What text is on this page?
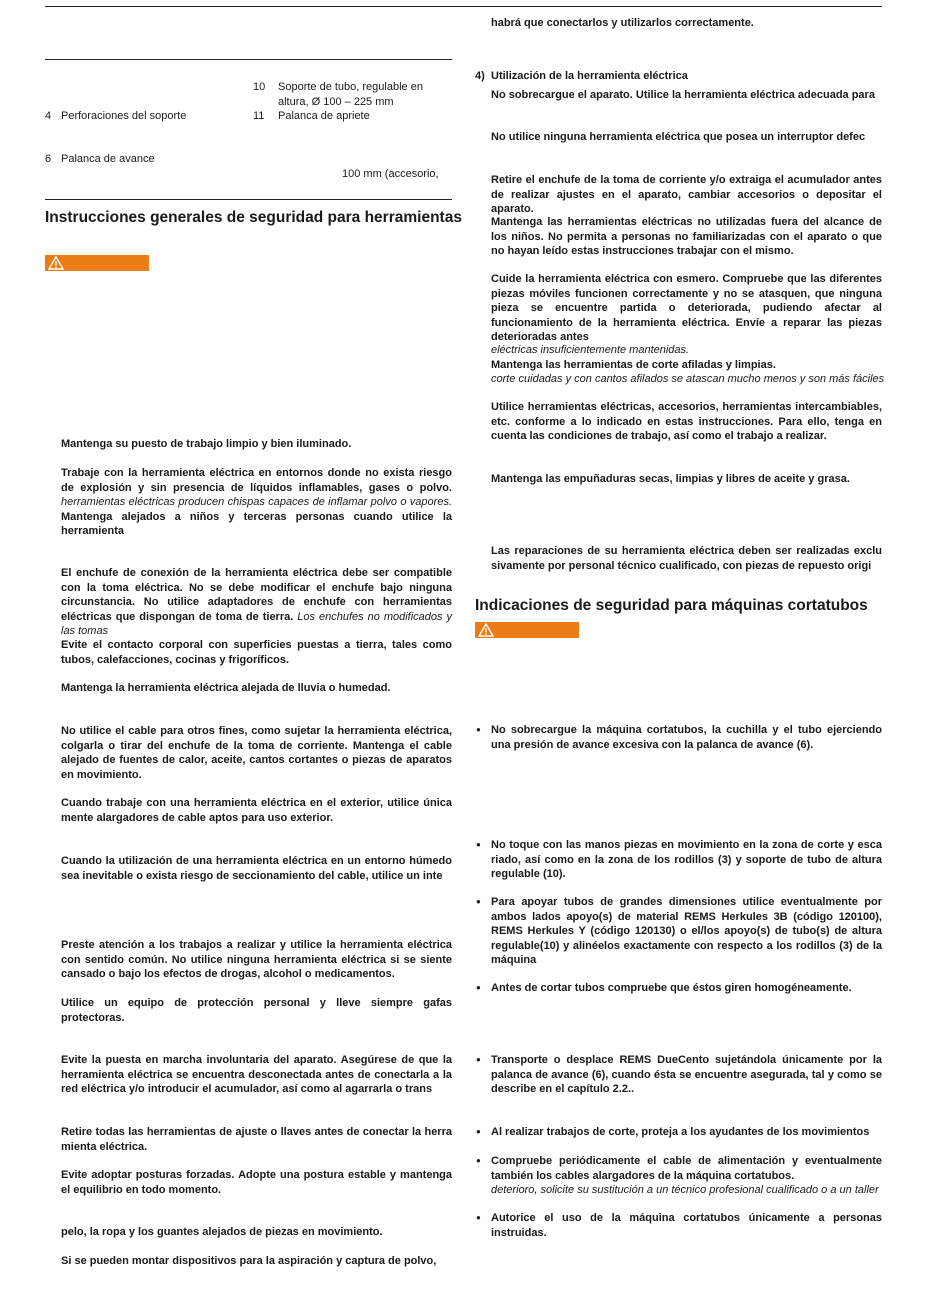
10 Soporte de tubo, regulable en
altura, Ø 100 – 225 mm
4 Perforaciones del soporte	11 Palanca de apriete
6 Palanca de avance
100 mm (accesorio,
Instrucciones generales de seguridad para herramientas
Mantenga su puesto de trabajo limpio y bien iluminado.
Trabaje con la herramienta eléctrica en entornos donde no exista riesgo de explosión y sin presencia de líquidos inflamables, gases o polvo. herramientas eléctricas producen chispas capaces de inflamar polvo o vapores. Mantenga alejados a niños y terceras personas cuando utilice la herramienta
El enchufe de conexión de la herramienta eléctrica debe ser compatible con la toma eléctrica. No se debe modificar el enchufe bajo ninguna circunstancia. No utilice adaptadores de enchufe con herramientas eléctricas que dispongan de toma de tierra. Los enchufes no modificados y las tomas
Evite el contacto corporal con superficies puestas a tierra, tales como tubos, calefacciones, cocinas y frigoríficos.
Mantenga la herramienta eléctrica alejada de lluvia o humedad.
No utilice el cable para otros fines, como sujetar la herramienta eléctrica, colgarla o tirar del enchufe de la toma de corriente. Mantenga el cable alejado de fuentes de calor, aceite, cantos cortantes o piezas de aparatos en movimiento.
Cuando trabaje con una herramienta eléctrica en el exterior, utilice única mente alargadores de cable aptos para uso exterior.
Cuando la utilización de una herramienta eléctrica en un entorno húmedo sea inevitable o exista riesgo de seccionamiento del cable, utilice un inte
Preste atención a los trabajos a realizar y utilice la herramienta eléctrica con sentido común. No utilice ninguna herramienta eléctrica si se siente cansado o bajo los efectos de drogas, alcohol o medicamentos.
Utilice un equipo de protección personal y lleve siempre gafas protectoras.
Evite la puesta en marcha involuntaria del aparato. Asegúrese de que la herramienta eléctrica se encuentra desconectada antes de conectarla a la red eléctrica y/o introducir el acumulador, así como al agarrarla o trans
Retire todas las herramientas de ajuste o llaves antes de conectar la herra mienta eléctrica.
Evite adoptar posturas forzadas. Adopte una postura estable y mantenga el equilibrio en todo momento.
pelo, la ropa y los guantes alejados de piezas en movimiento.
Si se pueden montar dispositivos para la aspiración y captura de polvo,
habrá que conectarlos y utilizarlos correctamente.
4) Utilización de la herramienta eléctrica
No sobrecargue el aparato. Utilice la herramienta eléctrica adecuada para
No utilice ninguna herramienta eléctrica que posea un interruptor defec
Retire el enchufe de la toma de corriente y/o extraiga el acumulador antes de realizar ajustes en el aparato, cambiar accesorios o depositar el aparato.
Mantenga las herramientas eléctricas no utilizadas fuera del alcance de los niños. No permita a personas no familiarizadas con el aparato o que no hayan leído estas instrucciones trabajar con el mismo.
Cuide la herramienta eléctrica con esmero. Compruebe que las diferentes piezas móviles funcionen correctamente y no se atasquen, que ninguna pieza se encuentre partida o deteriorada, pudiendo afectar al funcionamiento de la herramienta eléctrica. Envíe a reparar las piezas deterioradas antes
eléctricas insuficientemente mantenidas.
Mantenga las herramientas de corte afiladas y limpias.
corte cuidadas y con cantos afilados se atascan mucho menos y son más fáciles
Utilice herramientas eléctricas, accesorios, herramientas intercambiables, etc. conforme a lo indicado en estas instrucciones. Para ello, tenga en cuenta las condiciones de trabajo, así como el trabajo a realizar.
Mantenga las empuñaduras secas, limpias y libres de aceite y grasa.
Las reparaciones de su herramienta eléctrica deben ser realizadas exclu sivamente por personal técnico cualificado, con piezas de repuesto origi
Indicaciones de seguridad para máquinas cortatubos
● No sobrecargue la máquina cortatubos, la cuchilla y el tubo ejerciendo una presión de avance excesiva con la palanca de avance (6).
● No toque con las manos piezas en movimiento en la zona de corte y esca riado, así como en la zona de los rodillos (3) y soporte de tubo de altura regulable (10).
● Para apoyar tubos de grandes dimensiones utilice eventualmente por ambos lados apoyo(s) de material REMS Herkules 3B (código 120100), REMS Herkules Y (código 120130) o el/los apoyo(s) de tubo(s) de altura regulable(10) y alinéelos exactamente con respecto a los rodillos (3) de la máquina
● Antes de cortar tubos compruebe que éstos giren homogéneamente.
● Transporte o desplace REMS DueCento sujetándola únicamente por la palanca de avance (6), cuando ésta se encuentre asegurada, tal y como se describe en el capítulo 2.2..
● Al realizar trabajos de corte, proteja a los ayudantes de los movimientos
● Compruebe periódicamente el cable de alimentación y eventualmente también los cables alargadores de la máquina cortatubos.
deterioro, solicite su sustitución a un técnico profesional cualificado o a un taller
● Autorice el uso de la máquina cortatubos únicamente a personas instruidas.
